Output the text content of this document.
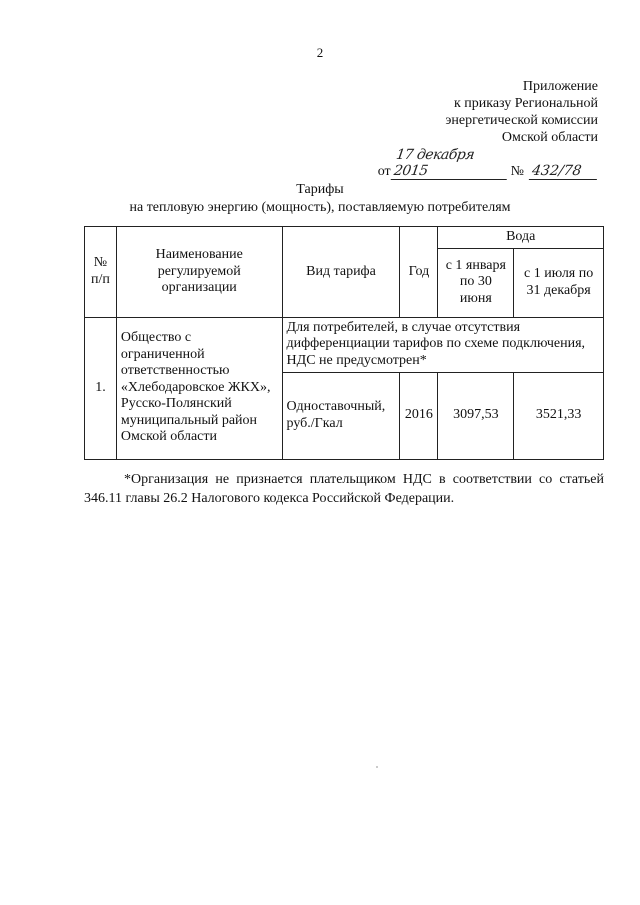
2
Приложение
к приказу Региональной
энергетической комиссии
Омской области
от
17 декабря 2015	№ 432/78
Тарифы
на тепловую энергию (мощность), поставляемую потребителям
№ п/п	Наименование регулируемой организации	Вид тарифа	Год	Вода	
				с 1 января по 30 июня	с 1 июля по 31 декабря
1.	Общество с ограниченной ответственностью «Хлебодаровское ЖКХ», Русско-Полянский муниципальный район Омской области	Для потребителей, в случае отсутствия дифференциации тарифов по схеме подключения, НДС не предусмотрен*			
		Одноставочный, руб./Гкал	2016	3097,53	3521,33
*Организация не признается плательщиком НДС в соответствии со статьей 346.11 главы 26.2 Налогового кодекса Российской Федерации.
